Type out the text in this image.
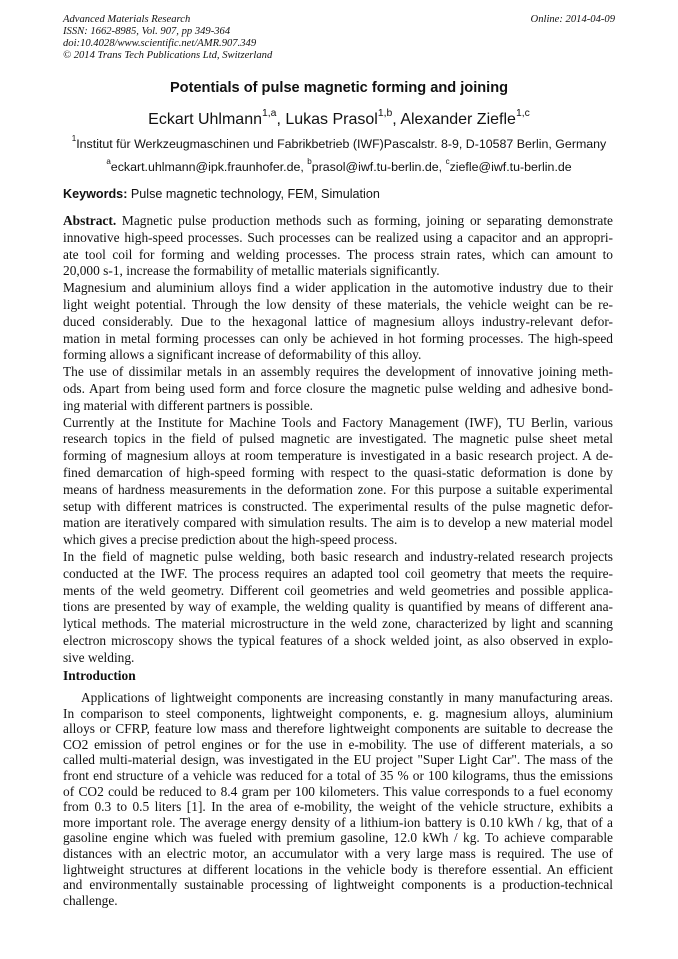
Advanced Materials Research
ISSN: 1662-8985, Vol. 907, pp 349-364
doi:10.4028/www.scientific.net/AMR.907.349
© 2014 Trans Tech Publications Ltd, Switzerland
Online: 2014-04-09
Potentials of pulse magnetic forming and joining
Eckart Uhlmann$^{1,a}$, Lukas Prasol$^{1,b}$, Alexander Ziefle$^{1,c}$
$^1$Institut für Werkzeugmaschinen und Fabrikbetrieb (IWF)Pascalstr. 8-9, D-10587 Berlin, Germany
$^a$eckart.uhlmann@ipk.fraunhofer.de, $^b$prasol@iwf.tu-berlin.de, $^c$ziefle@iwf.tu-berlin.de
Keywords: Pulse magnetic technology, FEM, Simulation
Abstract. Magnetic pulse production methods such as forming, joining or separating demonstrate
innovative high-speed processes. Such processes can be realized using a capacitor and an appropri-
ate tool coil for forming and welding processes. The process strain rates, which can amount to
20,000 s-1, increase the formability of metallic materials significantly.
Magnesium and aluminium alloys find a wider application in the automotive industry due to their
light weight potential. Through the low density of these materials, the vehicle weight can be re-
duced considerably. Due to the hexagonal lattice of magnesium alloys industry-relevant defor-
mation in metal forming processes can only be achieved in hot forming processes. The high-speed
forming allows a significant increase of deformability of this alloy.
The use of dissimilar metals in an assembly requires the development of innovative joining meth-
ods. Apart from being used form and force closure the magnetic pulse welding and adhesive bond-
ing material with different partners is possible.
Currently at the Institute for Machine Tools and Factory Management (IWF), TU Berlin, various
research topics in the field of pulsed magnetic are investigated. The magnetic pulse sheet metal
forming of magnesium alloys at room temperature is investigated in a basic research project. A de-
fined demarcation of high-speed forming with respect to the quasi-static deformation is done by
means of hardness measurements in the deformation zone. For this purpose a suitable experimental
setup with different matrices is constructed. The experimental results of the pulse magnetic defor-
mation are iteratively compared with simulation results. The aim is to develop a new material model
which gives a precise prediction about the high-speed process.
In the field of magnetic pulse welding, both basic research and industry-related research projects
conducted at the IWF. The process requires an adapted tool coil geometry that meets the require-
ments of the weld geometry. Different coil geometries and weld geometries and possible applica-
tions are presented by way of example, the welding quality is quantified by means of different ana-
lytical methods. The material microstructure in the weld zone, characterized by light and scanning
electron microscopy shows the typical features of a shock welded joint, as also observed in explo-
sive welding.
Introduction
Applications of lightweight components are increasing constantly in many manufacturing areas.
In comparison to steel components, lightweight components, e. g. magnesium alloys, aluminium
alloys or CFRP, feature low mass and therefore lightweight components are suitable to decrease the
CO2 emission of petrol engines or for the use in e-mobility. The use of different materials, a so
called multi-material design, was investigated in the EU project "Super Light Car". The mass of the
front end structure of a vehicle was reduced for a total of 35 % or 100 kilograms, thus the emissions
of CO2 could be reduced to 8.4 gram per 100 kilometers. This value corresponds to a fuel economy
from 0.3 to 0.5 liters [1]. In the area of e-mobility, the weight of the vehicle structure, exhibits a
more important role. The average energy density of a lithium-ion battery is 0.10 kWh / kg, that of a
gasoline engine which was fueled with premium gasoline, 12.0 kWh / kg. To achieve comparable
distances with an electric motor, an accumulator with a very large mass is required. The use of
lightweight structures at different locations in the vehicle body is therefore essential. An efficient
and environmentally sustainable processing of lightweight components is a production-technical
challenge.
